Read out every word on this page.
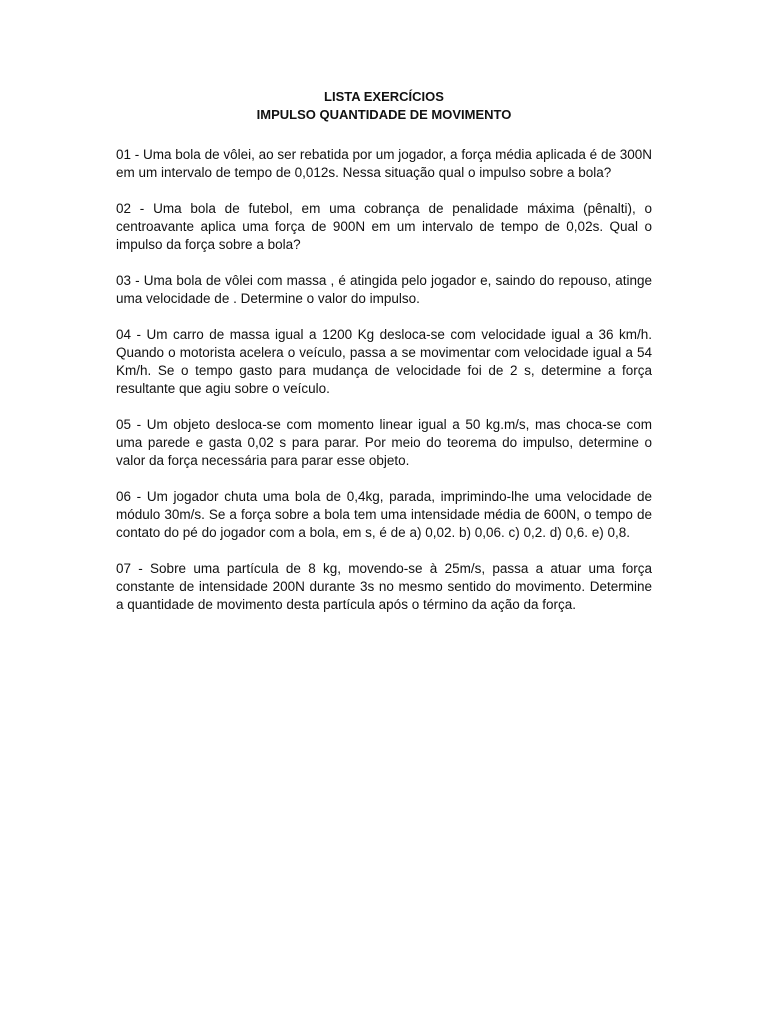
LISTA EXERCÍCIOS

IMPULSO QUANTIDADE DE MOVIMENTO

01 - Uma bola de vôlei, ao ser rebatida por um jogador, a força média aplicada é de 300N em um intervalo de tempo de 0,012s. Nessa situação qual o impulso sobre a bola?

02 - Uma bola de futebol, em uma cobrança de penalidade máxima (pênalti), o centroavante aplica uma força de 900N em um intervalo de tempo de 0,02s. Qual o impulso da força sobre a bola?

03 - Uma bola de vôlei com massa , é atingida pelo jogador e, saindo do repouso, atinge uma velocidade de . Determine o valor do impulso.

04 - Um carro de massa igual a 1200 Kg desloca-se com velocidade igual a 36 km/h. Quando o motorista acelera o veículo, passa a se movimentar com velocidade igual a 54 Km/h. Se o tempo gasto para mudança de velocidade foi de 2 s, determine a força resultante que agiu sobre o veículo.

05 - Um objeto desloca-se com momento linear igual a 50 kg.m/s, mas choca-se com uma parede e gasta 0,02 s para parar. Por meio do teorema do impulso, determine o valor da força necessária para parar esse objeto.

06 - Um jogador chuta uma bola de 0,4kg, parada, imprimindo-lhe uma velocidade de módulo 30m/s. Se a força sobre a bola tem uma intensidade média de 600N, o tempo de contato do pé do jogador com a bola, em s, é de a) 0,02. b) 0,06. c) 0,2. d) 0,6. e) 0,8.

07 - Sobre uma partícula de 8 kg, movendo-se à 25m/s, passa a atuar uma força constante de intensidade 200N durante 3s no mesmo sentido do movimento. Determine a quantidade de movimento desta partícula após o término da ação da força.
